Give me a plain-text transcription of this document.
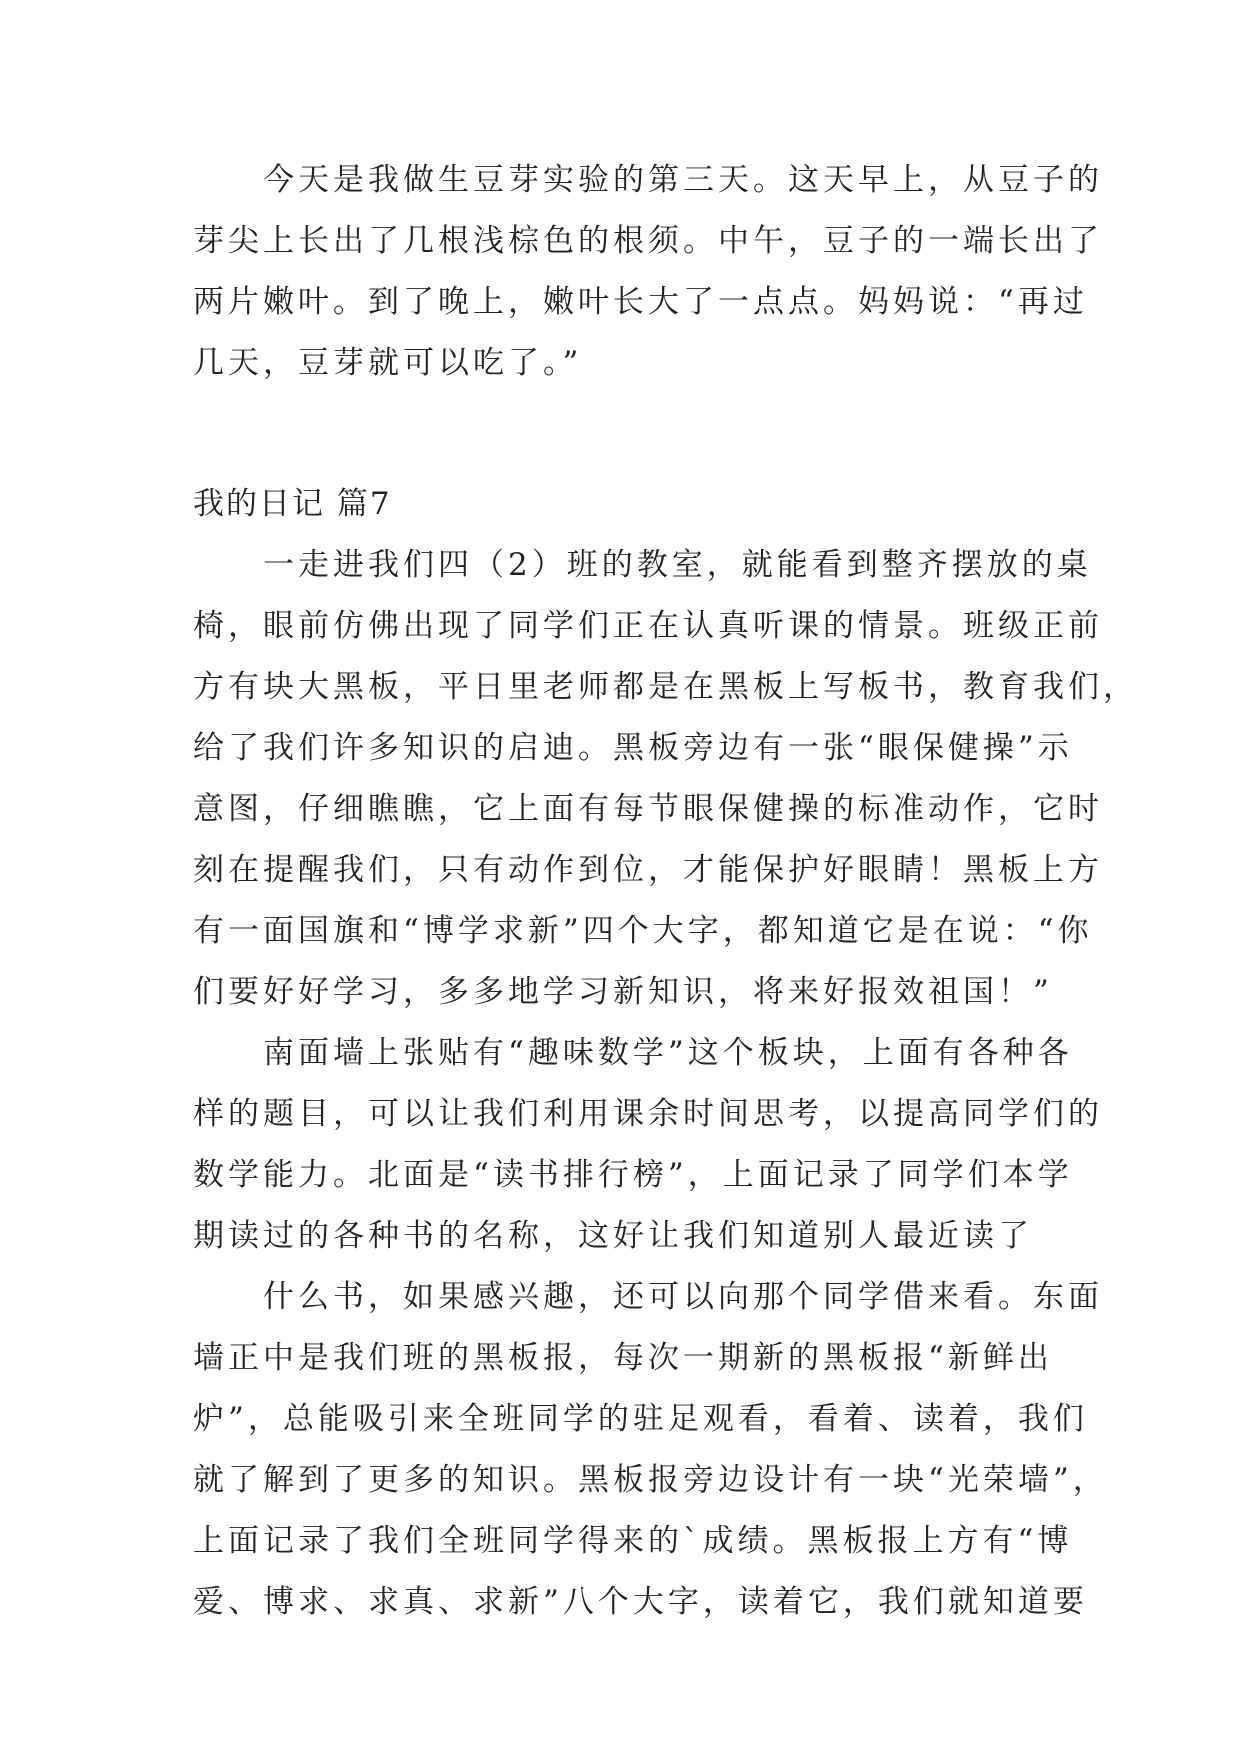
　　今天是我做生豆芽实验的第三天。这天早上，从豆子的
芽尖上长出了几根浅棕色的根须。中午，豆子的一端长出了
两片嫩叶。到了晚上，嫩叶长大了一点点。妈妈说：“再过
几天，豆芽就可以吃了。”
我的日记 篇7
　　一走进我们四（2）班的教室，就能看到整齐摆放的桌
椅，眼前仿佛出现了同学们正在认真听课的情景。班级正前
方有块大黑板，平日里老师都是在黑板上写板书，教育我们，
给了我们许多知识的启迪。黑板旁边有一张“眼保健操”示
意图，仔细瞧瞧，它上面有每节眼保健操的标准动作，它时
刻在提醒我们，只有动作到位，才能保护好眼睛！黑板上方
有一面国旗和“博学求新”四个大字，都知道它是在说：“你
们要好好学习，多多地学习新知识，将来好报效祖国！”
　　南面墙上张贴有“趣味数学”这个板块，上面有各种各
样的题目，可以让我们利用课余时间思考，以提高同学们的
数学能力。北面是“读书排行榜”，上面记录了同学们本学
期读过的各种书的名称，这好让我们知道别人最近读了
　　什么书，如果感兴趣，还可以向那个同学借来看。东面
墙正中是我们班的黑板报，每次一期新的黑板报“新鲜出
炉”，总能吸引来全班同学的驻足观看，看着、读着，我们
就了解到了更多的知识。黑板报旁边设计有一块“光荣墙”，
上面记录了我们全班同学得来的`成绩。黑板报上方有“博
爱、博求、求真、求新”八个大字，读着它，我们就知道要
